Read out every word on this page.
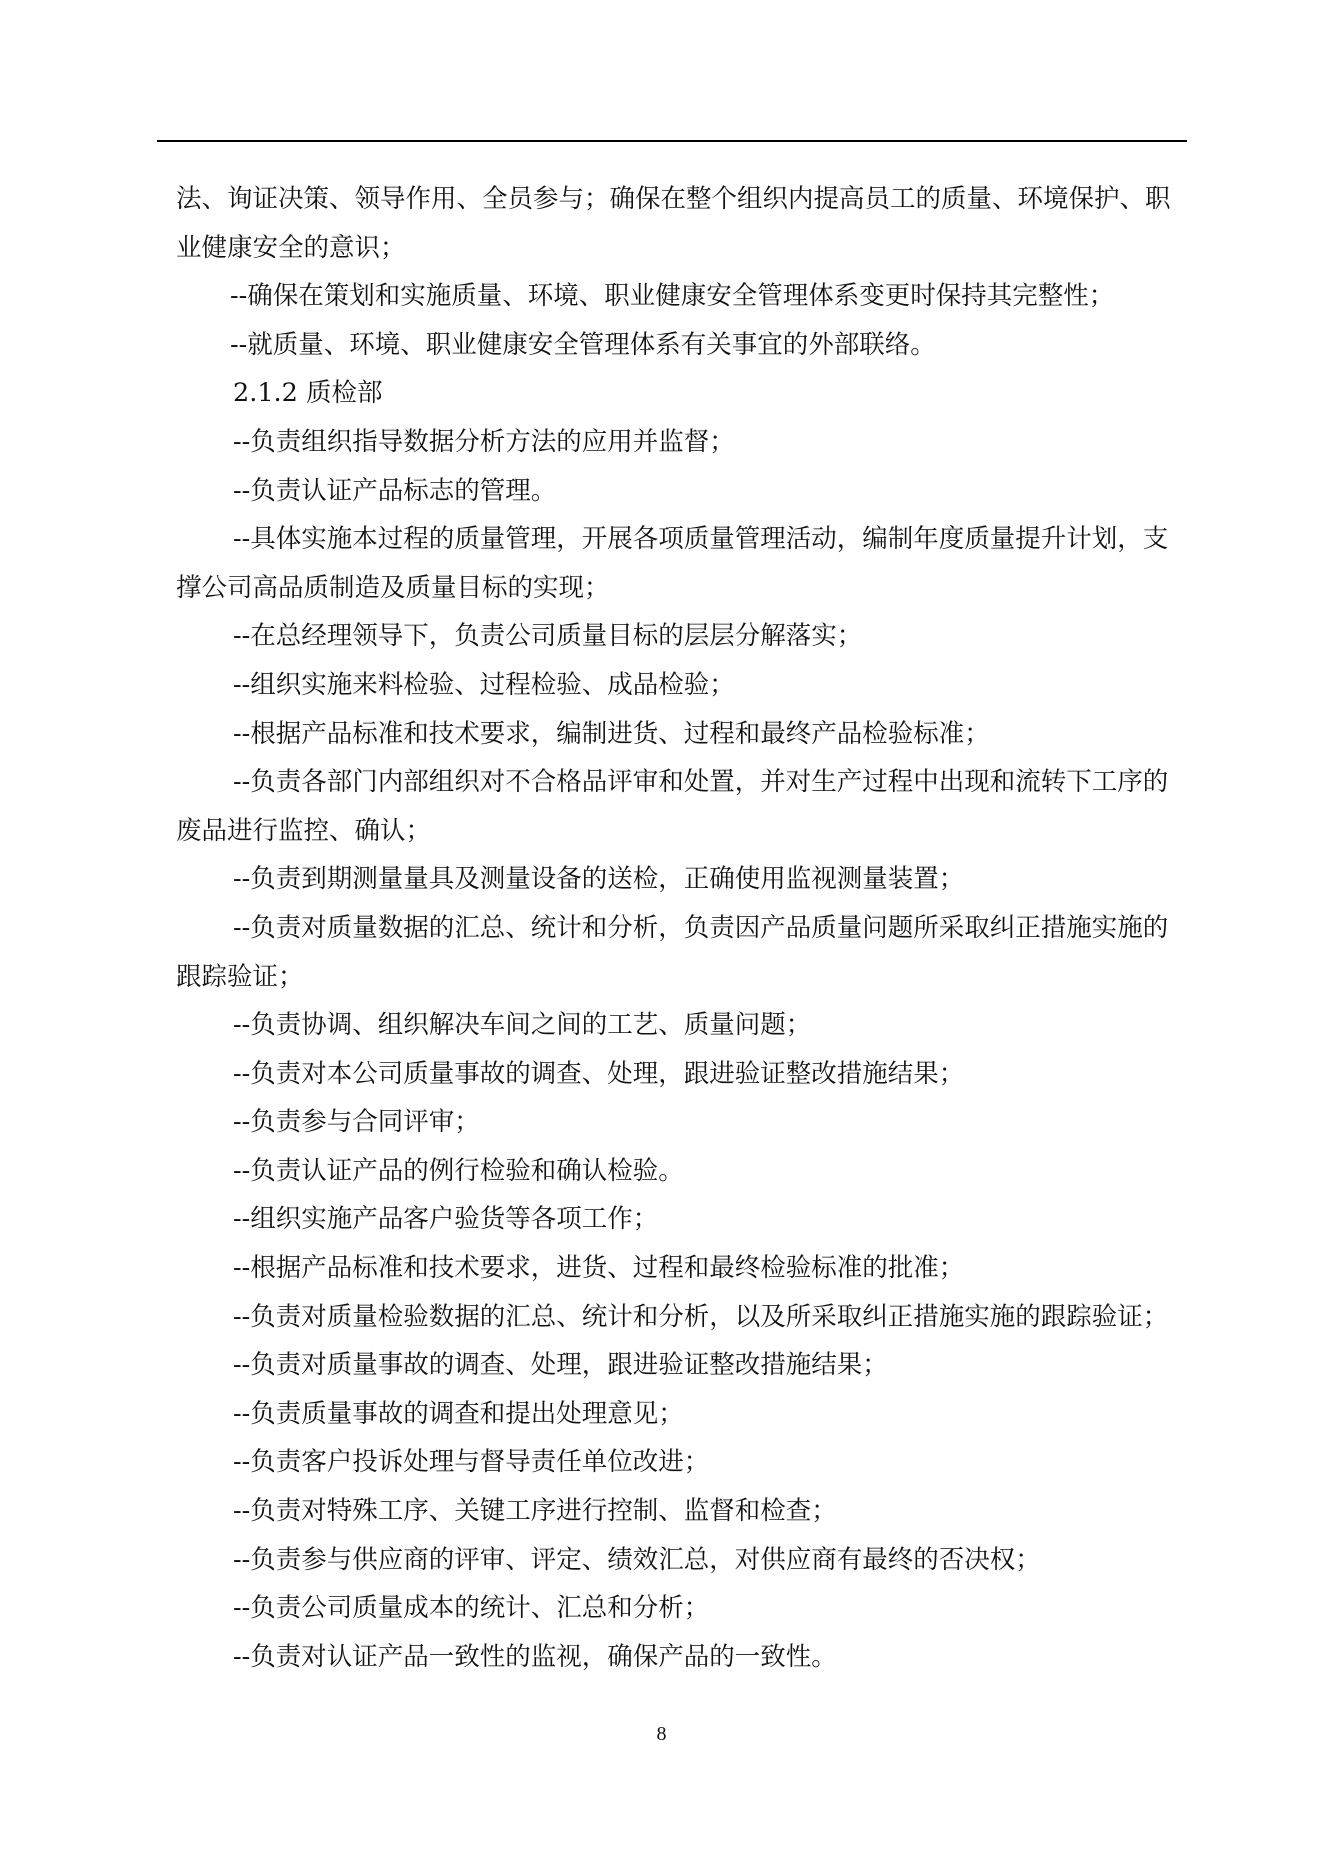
法、询证决策、领导作用、全员参与；确保在整个组织内提高员工的质量、环境保护、职业健康安全的意识；

--确保在策划和实施质量、环境、职业健康安全管理体系变更时保持其完整性；

--就质量、环境、职业健康安全管理体系有关事宜的外部联络。

2.1.2 质检部

--负责组织指导数据分析方法的应用并监督；

--负责认证产品标志的管理。

--具体实施本过程的质量管理，开展各项质量管理活动，编制年度质量提升计划，支撑公司高品质制造及质量目标的实现；

--在总经理领导下，负责公司质量目标的层层分解落实；

--组织实施来料检验、过程检验、成品检验；

--根据产品标准和技术要求，编制进货、过程和最终产品检验标准；

--负责各部门内部组织对不合格品评审和处置，并对生产过程中出现和流转下工序的废品进行监控、确认；

--负责到期测量量具及测量设备的送检，正确使用监视测量装置；

--负责对质量数据的汇总、统计和分析，负责因产品质量问题所采取纠正措施实施的跟踪验证；

--负责协调、组织解决车间之间的工艺、质量问题；

--负责对本公司质量事故的调查、处理，跟进验证整改措施结果；

--负责参与合同评审；

--负责认证产品的例行检验和确认检验。

--组织实施产品客户验货等各项工作；

--根据产品标准和技术要求，进货、过程和最终检验标准的批准；

--负责对质量检验数据的汇总、统计和分析，以及所采取纠正措施实施的跟踪验证；

--负责对质量事故的调查、处理，跟进验证整改措施结果；

--负责质量事故的调查和提出处理意见；

--负责客户投诉处理与督导责任单位改进；

--负责对特殊工序、关键工序进行控制、监督和检查；

--负责参与供应商的评审、评定、绩效汇总，对供应商有最终的否决权；

--负责公司质量成本的统计、汇总和分析；

--负责对认证产品一致性的监视，确保产品的一致性。

8
